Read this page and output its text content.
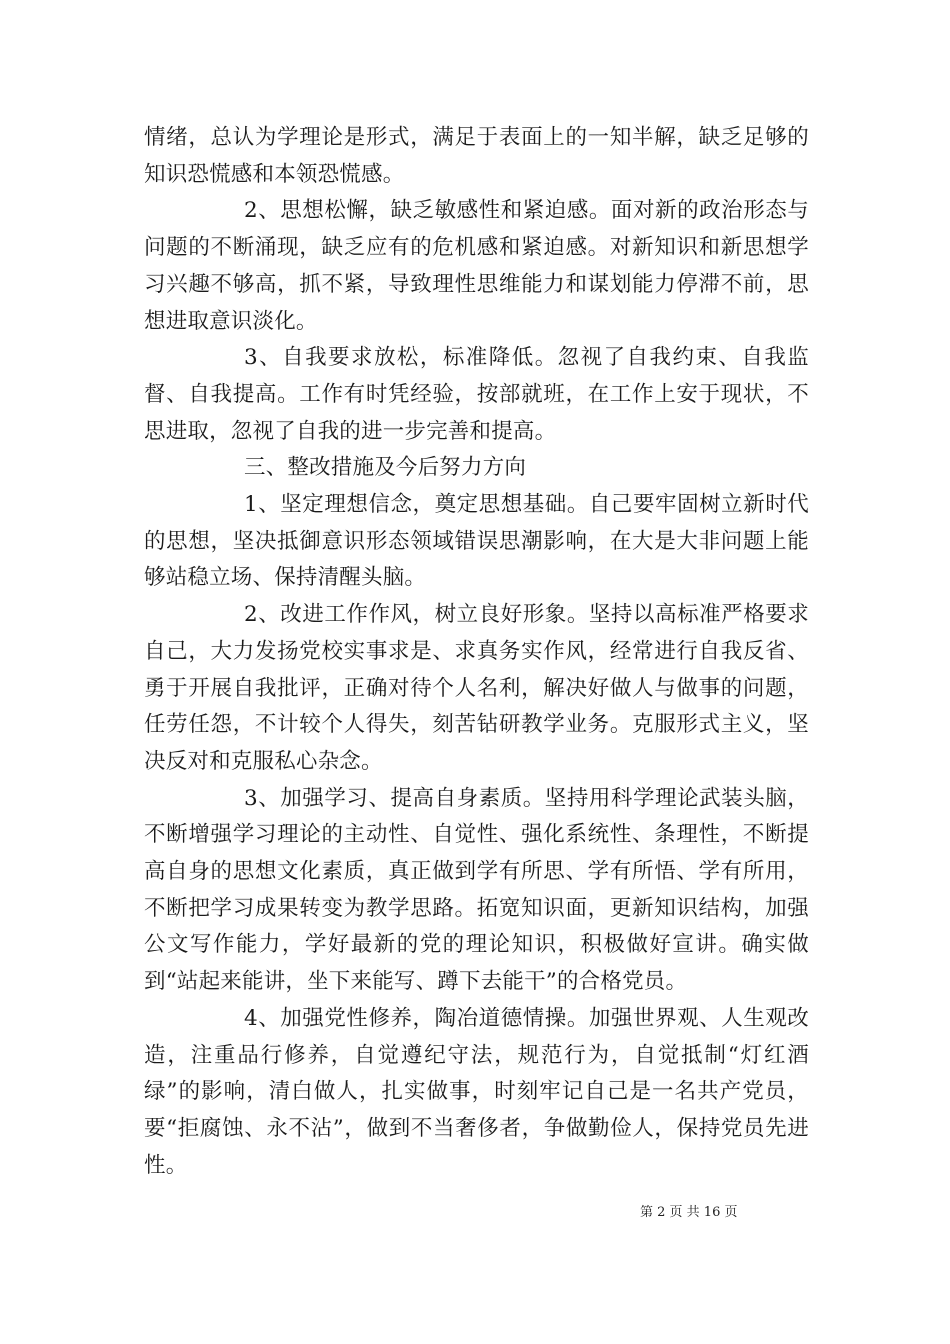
情绪，总认为学理论是形式，满足于表面上的一知半解，缺乏足够的知识恐慌感和本领恐慌感。

2、思想松懈，缺乏敏感性和紧迫感。面对新的政治形态与问题的不断涌现，缺乏应有的危机感和紧迫感。对新知识和新思想学习兴趣不够高，抓不紧，导致理性思维能力和谋划能力停滞不前，思想进取意识淡化。

3、自我要求放松，标准降低。忽视了自我约束、自我监督、自我提高。工作有时凭经验，按部就班，在工作上安于现状，不思进取，忽视了自我的进一步完善和提高。

三、整改措施及今后努力方向

1、坚定理想信念，奠定思想基础。自己要牢固树立新时代的思想，坚决抵御意识形态领域错误思潮影响，在大是大非问题上能够站稳立场、保持清醒头脑。

2、改进工作作风，树立良好形象。坚持以高标准严格要求自己，大力发扬党校实事求是、求真务实作风，经常进行自我反省、勇于开展自我批评，正确对待个人名利，解决好做人与做事的问题，任劳任怨，不计较个人得失，刻苦钻研教学业务。克服形式主义，坚决反对和克服私心杂念。

3、加强学习、提高自身素质。坚持用科学理论武装头脑，不断增强学习理论的主动性、自觉性、强化系统性、条理性，不断提高自身的思想文化素质，真正做到学有所思、学有所悟、学有所用，不断把学习成果转变为教学思路。拓宽知识面，更新知识结构，加强公文写作能力，学好最新的党的理论知识，积极做好宣讲。确实做到“站起来能讲，坐下来能写、蹲下去能干”的合格党员。

4、加强党性修养，陶冶道德情操。加强世界观、人生观改造，注重品行修养，自觉遵纪守法，规范行为，自觉抵制“灯红酒绿”的影响，清白做人，扎实做事，时刻牢记自己是一名共产党员，要“拒腐蚀、永不沾”，做到不当奢侈者，争做勤俭人，保持党员先进性。

第 2 页 共 16 页
